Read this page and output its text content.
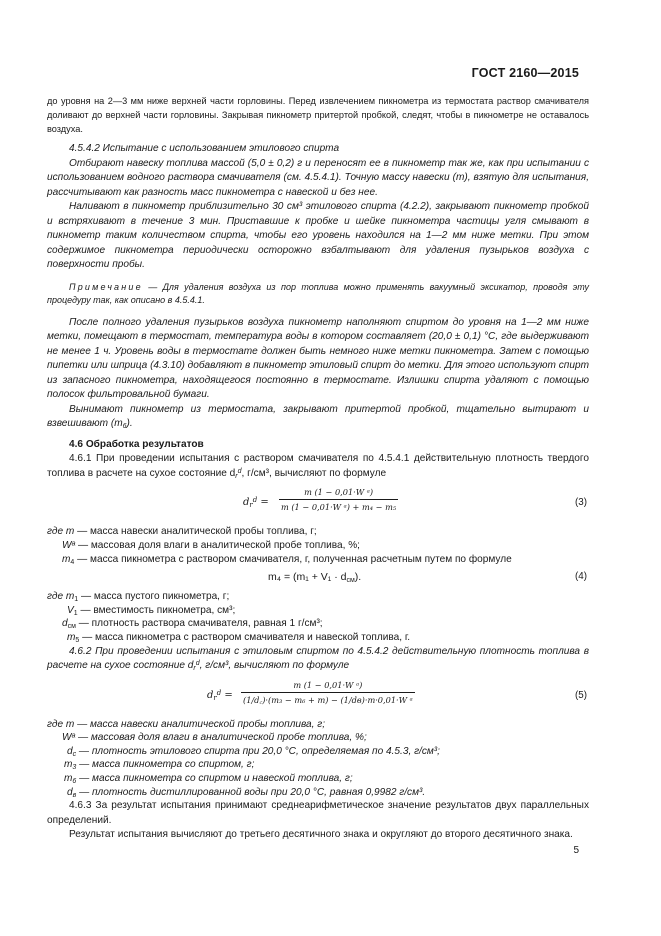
ГОСТ 2160—2015

до уровня на 2—3 мм ниже верхней части горловины. Перед извлечением пикнометра из термостата раствор смачивателя доливают до верхней части горловины. Закрывая пикнометр притертой пробкой, следят, чтобы в пикнометре не оставалось воздуха.

4.5.4.2 Испытание с использованием этилового спирта

Отбирают навеску топлива массой (5,0 ± 0,2) г и переносят ее в пикнометр так же, как при испытании с использованием водного раствора смачивателя (см. 4.5.4.1). Точную массу навески (m), взятую для испытания, рассчитывают как разность масс пикнометра с навеской и без нее.

Наливают в пикнометр приблизительно 30 см³ этилового спирта (4.2.2), закрывают пикнометр пробкой и встряхивают в течение 3 мин. Приставшие к пробке и шейке пикнометра частицы угля смывают в пикнометр таким количеством спирта, чтобы его уровень находился на 1—2 мм ниже метки. При этом содержимое пикнометра периодически осторожно взбалтывают для удаления пузырьков воздуха с поверхности пробы.

Примечание — Для удаления воздуха из пор топлива можно применять вакуумный эксикатор, проводя эту процедуру так, как описано в 4.5.4.1.

После полного удаления пузырьков воздуха пикнометр наполняют спиртом до уровня на 1—2 мм ниже метки, помещают в термостат, температура воды в котором составляет (20,0 ± 0,1) °C, где выдерживают не менее 1 ч. Уровень воды в термостате должен быть немного ниже метки пикнометра. Затем с помощью пипетки или шприца (4.3.10) добавляют в пикнометр этиловый спирт до метки. Для этого используют спирт из запасного пикнометра, находящегося постоянно в термостате. Излишки спирта удаляют с помощью полосок фильтровальной бумаги.

Вынимают пикнометр из термостата, закрывают притертой пробкой, тщательно вытирают и взвешивают $(m_6)$.

4.6 Обработка результатов

4.6.1 При проведении испытания с раствором смачивателя по 4.5.4.1 действительную плотность твердого топлива в расчете на сухое состояние $d_r^d$, г/см³, вычисляют по формуле

$d_r^d = \frac{\text{m (1 − 0,01·W ᵃ)}}{\text{m (1 − 0,01·W ᵃ) + m₄ − m₅}}$	(3)
где m — масса навески аналитической пробы топлива, г;
Wᵃ — массовая доля влаги в аналитической пробе топлива, %;
$m_4$ — масса пикнометра с раствором смачивателя, г, полученная расчетным путем по формуле
$m_4 = (m_1 + V_1 \cdot d_{см})$.	(4)
где $m_1$ — масса пустого пикнометра, г;
$V_1$ — вместимость пикнометра, см³;
$d_{см}$ — плотность раствора смачивателя, равная 1 г/см³;
$m_5$ — масса пикнометра с раствором смачивателя и навеской топлива, г.

4.6.2 При проведении испытания с этиловым спиртом по 4.5.4.2 действительную плотность топлива в расчете на сухое состояние $d_r^d$, г/см³, вычисляют по формуле

$d_r^d$ =
m (1 − 0,01·W ᵃ)
(1/d꜀)·(m₃ − m₆ + m) − (1/dв)·m·0,01·W ᵃ	(5)
где m — масса навески аналитической пробы топлива, г;
Wᵃ — массовая доля влаги в аналитической пробе топлива, %;
$d_с$ — плотность этилового спирта при 20,0 °C, определяемая по 4.5.3, г/см³;
$m_3$ — масса пикнометра со спиртом, г;
$m_6$ — масса пикнометра со спиртом и навеской топлива, г;
$d_в$ — плотность дистиллированной воды при 20,0 °C, равная 0,9982 г/см³.

4.6.3 За результат испытания принимают среднеарифметическое значение результатов двух параллельных определений.

Результат испытания вычисляют до третьего десятичного знака и округляют до второго десятичного знака.

5
